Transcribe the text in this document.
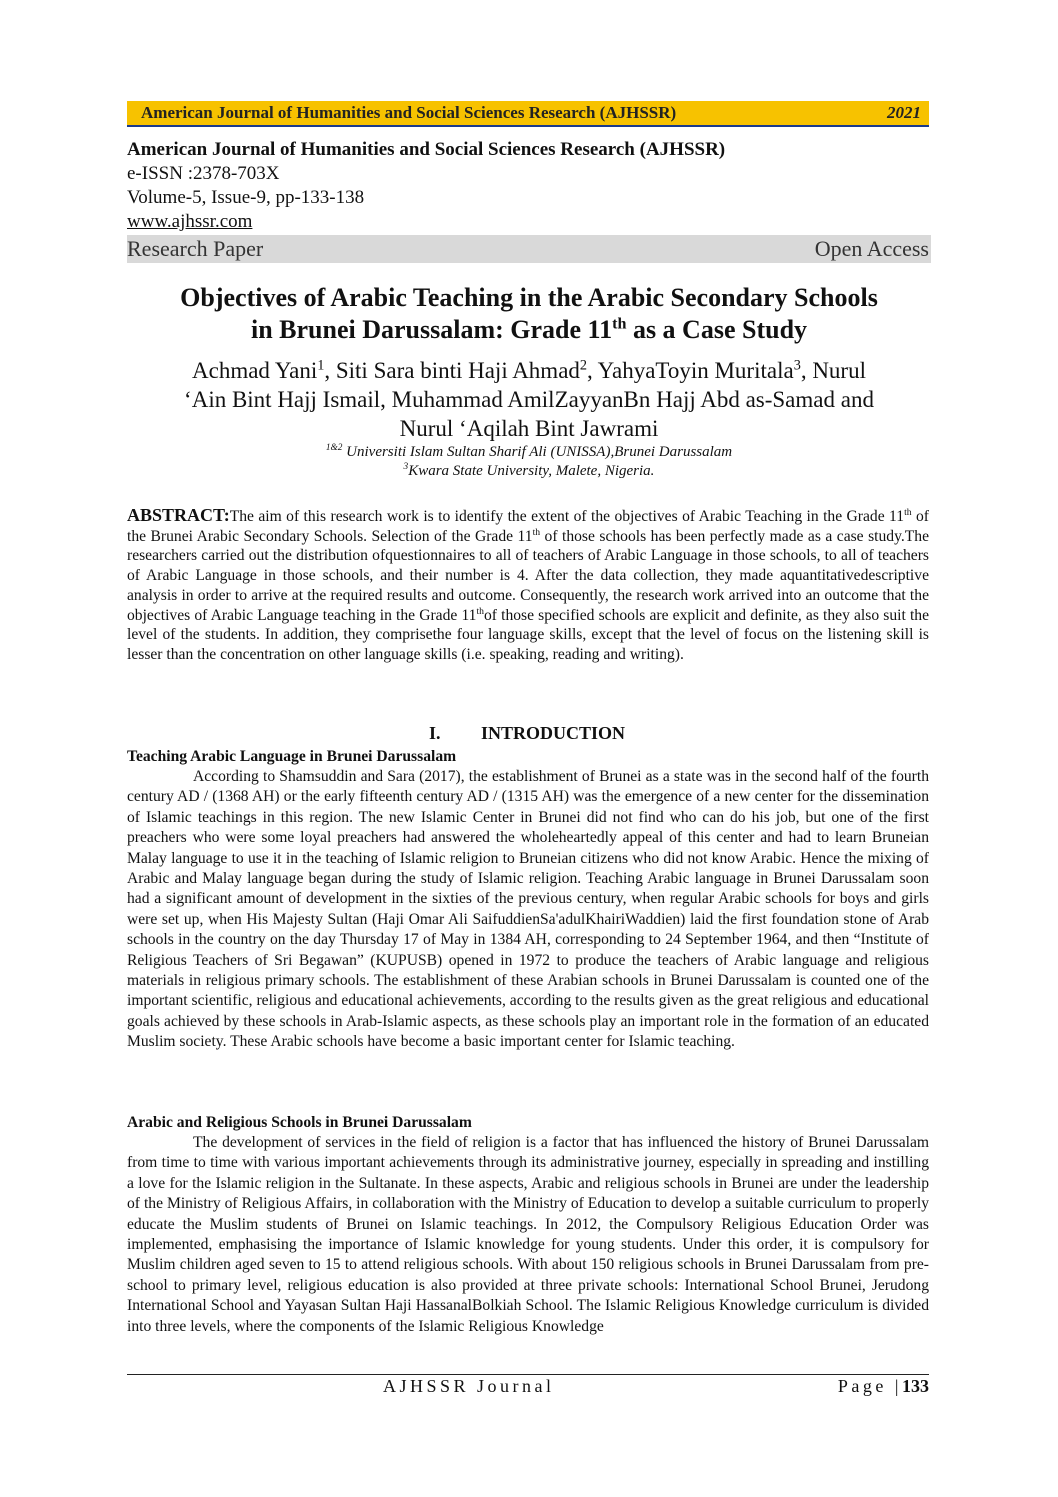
American Journal of Humanities and Social Sciences Research (AJHSSR)	2021
American Journal of Humanities and Social Sciences Research (AJHSSR)
e-ISSN :2378-703X
Volume-5, Issue-9, pp-133-138
www.ajhssr.com
Research Paper	Open Access
Objectives of Arabic Teaching in the Arabic Secondary Schools
in Brunei Darussalam: Grade 11th as a Case Study
Achmad Yani$^1$, Siti Sara binti Haji Ahmad$^2$, YahyaToyin Muritala$^3$, Nurul
‘Ain Bint Hajj Ismail, Muhammad AmilZayyanBn Hajj Abd as-Samad and
Nurul ‘Aqilah Bint Jawrami
$^{1\&2}$ Universiti Islam Sultan Sharif Ali (UNISSA),Brunei Darussalam
$^3$Kwara State University, Malete, Nigeria.
ABSTRACT:The aim of this research work is to identify the extent of the objectives of Arabic Teaching in the Grade 11th of the Brunei Arabic Secondary Schools. Selection of the Grade 11th of those schools has been perfectly made as a case study.The researchers carried out the distribution ofquestionnaires to all of teachers of Arabic Language in those schools, to all of teachers of Arabic Language in those schools, and their number is 4. After the data collection, they made aquantitativedescriptive analysis in order to arrive at the required results and outcome. Consequently, the research work arrived into an outcome that the objectives of Arabic Language teaching in the Grade 11thof those specified schools are explicit and definite, as they also suit the level of the students. In addition, they comprisethe four language skills, except that the level of focus on the listening skill is lesser than the concentration on other language skills (i.e. speaking, reading and writing).
I. INTRODUCTION
Teaching Arabic Language in Brunei Darussalam
According to Shamsuddin and Sara (2017), the establishment of Brunei as a state was in the second half of the fourth century AD / (1368 AH) or the early fifteenth century AD / (1315 AH) was the emergence of a new center for the dissemination of Islamic teachings in this region. The new Islamic Center in Brunei did not find who can do his job, but one of the first preachers who were some loyal preachers had answered the wholeheartedly appeal of this center and had to learn Bruneian Malay language to use it in the teaching of Islamic religion to Bruneian citizens who did not know Arabic. Hence the mixing of Arabic and Malay language began during the study of Islamic religion. Teaching Arabic language in Brunei Darussalam soon had a significant amount of development in the sixties of the previous century, when regular Arabic schools for boys and girls were set up, when His Majesty Sultan (Haji Omar Ali SaifuddienSa'adulKhairiWaddien) laid the first foundation stone of Arab schools in the country on the day Thursday 17 of May in 1384 AH, corresponding to 24 September 1964, and then “Institute of Religious Teachers of Sri Begawan” (KUPUSB) opened in 1972 to produce the teachers of Arabic language and religious materials in religious primary schools. The establishment of these Arabian schools in Brunei Darussalam is counted one of the important scientific, religious and educational achievements, according to the results given as the great religious and educational goals achieved by these schools in Arab-Islamic aspects, as these schools play an important role in the formation of an educated Muslim society. These Arabic schools have become a basic important center for Islamic teaching.
Arabic and Religious Schools in Brunei Darussalam
The development of services in the field of religion is a factor that has influenced the history of Brunei Darussalam from time to time with various important achievements through its administrative journey, especially in spreading and instilling a love for the Islamic religion in the Sultanate. In these aspects, Arabic and religious schools in Brunei are under the leadership of the Ministry of Religious Affairs, in collaboration with the Ministry of Education to develop a suitable curriculum to properly educate the Muslim students of Brunei on Islamic teachings. In 2012, the Compulsory Religious Education Order was implemented, emphasising the importance of Islamic knowledge for young students. Under this order, it is compulsory for Muslim children aged seven to 15 to attend religious schools. With about 150 religious schools in Brunei Darussalam from pre-school to primary level, religious education is also provided at three private schools: International School Brunei, Jerudong International School and Yayasan Sultan Haji HassanalBolkiah School. The Islamic Religious Knowledge curriculum is divided into three levels, where the components of the Islamic Religious Knowledge
AJHSSR Journal	Page |133
